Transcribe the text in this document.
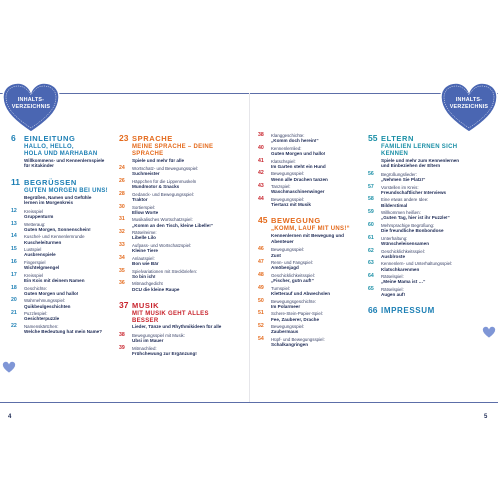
INHALTS-
VERZEICHNIS
INHALTS-
VERZEICHNIS
4	5
6	EINLEITUNG
HALLO, HELLO,
HOLA UND MARHABAN
Willkommens- und Kennenlernspiele
für Kitakinder
11 BEGRÜSSEN
GUTEN MORGEN BEI UNS!
Begrüßen, Namen und Gefühle
lernen im Morgenkreis
12	Kreisspiel
Gruppenturm
13	Wetteraug:
Guten Morgen, Sonnenschein!
14	Kuschel- und Kennenlernrunde
Kuscheleiturmen
15	Lustspiel
Ausbrenspiele
16	Fingerspiel
Wichtelgmengel
17	Kreisspiel
Ein Kois mit deinem Namen
18	Geschichte:
Guten Morgen und hallo!
20	Wahrnehmungsspiel:
Quikbeulgeschichten
21	Puzzlespiel:
Gesichterpuzzle
22	Namenskärtchen:
Welche Bedeutung hat mein Name?
23 SPRACHE
MEINE SPRACHE – DEINE
SPRACHE
Spiele und mehr für alle
24	Wortschatz- und Bewegungsspiel:
Suchmeister
26	Häppchen für die Lippenmuskeln
Mundmotor & Snacks
28	Gedanck- und Bewegungsspiel:
Traktor
30	Sortierspiel:
Ellow Worte
31	Musikalisches Wortschatzspiel:
„Komm an den Tisch, kleine Libelle!“
32	Rätselreime:
Libelle Lilo
33	Aufpass- und Wortschatzspiel:
Kleine Tiere
34	Anlautspiel:
Bon wie Bär
35	Spielvariationen mit Steckbriefen:
So bin ich!
36	Mitmachgedicht
DCU die kleine Raupe
37 MUSIK
MIT MUSIK GEHT ALLES
BESSER
Lieder, Tänze und Rhythmikideen für alle
38	Bewegungsspiel mit Musik:
Ubsi im Mauer
39	Mitmachlied:
Frühchewung zur Ergänzung!
38	Klanggeschichte:
„Komm doch herein!“
40	Kennenlernlied:
Guten Morgen und hallo!
41	Klatschspiel:
Im Garten steht ein Hund
42	Bewegungsspiel:
Wenn alle Drachen tanzen
43	Tanzspiel:
Waschmaschinenwinger
44	Bewegungsspiel:
Tiertanz mit Musik
45 BEWEGUNG
„KOMM, LAUF MIT UNS!“
Kennenlernen mit Bewegung und
Abenteuer
46	Bewegungsspiel:
Zunt
47	Renn- und Fangspiel:
Amöbenjagd
48	Geschicklichkeitsspiel:
„Fischer, gutn auf!“
49	Turnspiel:
Kletterauf und Abwechslen
50	Bewegungsgeschichte:
Im Polarmeer
51	Schere-Stein-Papier-Spiel:
Fee, Zauberer, Drache
52	Bewegungsspiel:
Zaubermaus
54	Hüpf- und Bewegungsspiel:
Schalkangringen
55 ELTERN
FAMILIEN LERNEN SICH
KENNEN
Spiele und mehr zum Kennenlernen
und Einbeziehen der Eltern
56	Begrüßungslieder:
„Nehmen Sie Platz!“
57	Vorstellen im Kreis:
Freundschaftlicher Interviews
58	Eine etwas andere Idee:
Bilderstimal
59	Willkommen heißen:
„Guten Tag, hier ist ihr Puzzle!“
60	Mehrsprachige Begrüßung:
Die freundliche Bonbondose
61	Unterhaltung:
Wünscheleisensamen
62	Geschicklichkeitsspiel:
Ausblroste
63	Kennenlern- und Unterhaltungsspiel:
Klatschkarenmen
64	Rätselspiel:
„Meine Mama ist …“
65	Rätselspiel:
Augen auf!
66 IMPRESSUM
